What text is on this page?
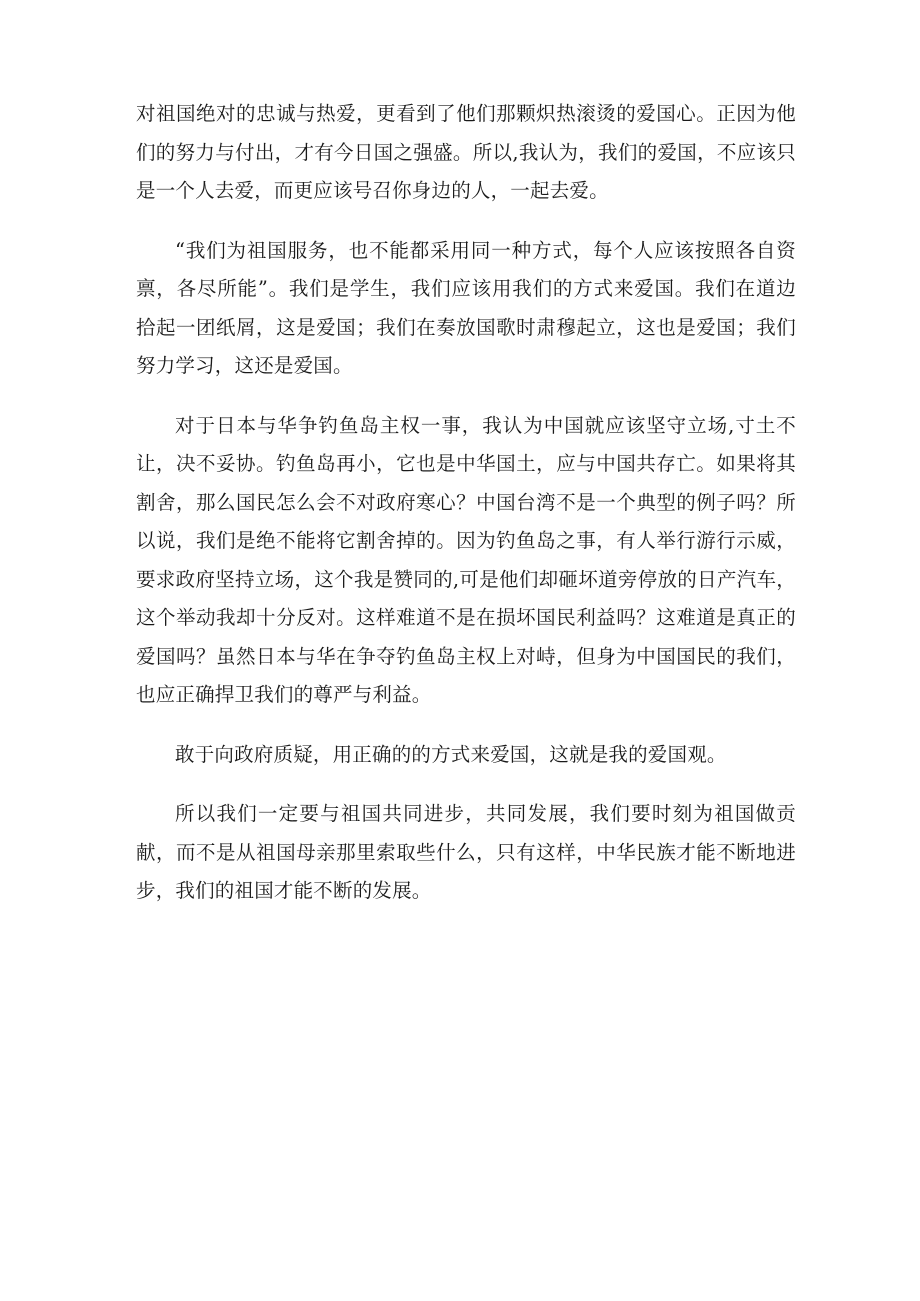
对祖国绝对的忠诚与热爱，更看到了他们那颗炽热滚烫的爱国心。正因为他们的努力与付出，才有今日国之强盛。所以,我认为，我们的爱国，不应该只是一个人去爱，而更应该号召你身边的人，一起去爱。

“我们为祖国服务，也不能都采用同一种方式，每个人应该按照各自资禀，各尽所能”。我们是学生，我们应该用我们的方式来爱国。我们在道边拾起一团纸屑，这是爱国；我们在奏放国歌时肃穆起立，这也是爱国；我们努力学习，这还是爱国。

对于日本与华争钓鱼岛主权一事，我认为中国就应该坚守立场,寸土不让，决不妥协。钓鱼岛再小，它也是中华国土，应与中国共存亡。如果将其割舍，那么国民怎么会不对政府寒心？中国台湾不是一个典型的例子吗？所以说，我们是绝不能将它割舍掉的。因为钓鱼岛之事，有人举行游行示威，要求政府坚持立场，这个我是赞同的,可是他们却砸坏道旁停放的日产汽车，这个举动我却十分反对。这样难道不是在损坏国民利益吗？这难道是真正的爱国吗？虽然日本与华在争夺钓鱼岛主权上对峙，但身为中国国民的我们，也应正确捍卫我们的尊严与利益。

敢于向政府质疑，用正确的的方式来爱国，这就是我的爱国观。

所以我们一定要与祖国共同进步，共同发展，我们要时刻为祖国做贡献，而不是从祖国母亲那里索取些什么，只有这样，中华民族才能不断地进步，我们的祖国才能不断的发展。
